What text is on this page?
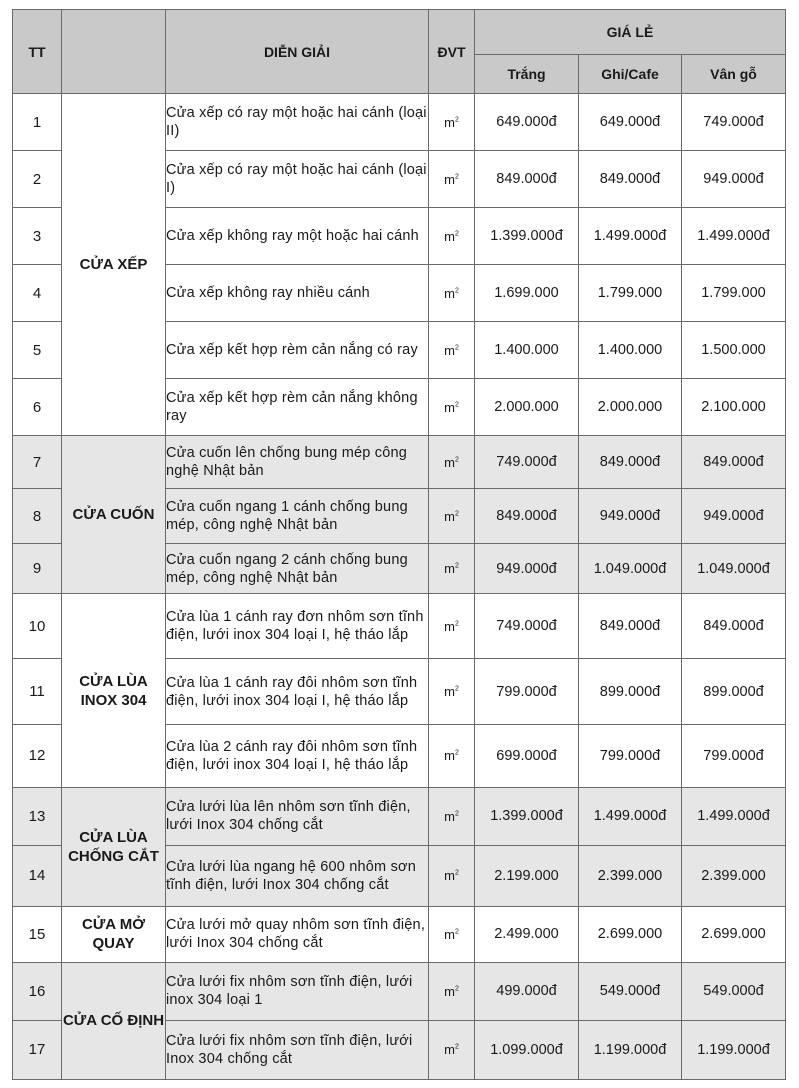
TT		DIỄN GIẢI	ĐVT	GIÁ LẺ		
				Trắng	Ghi/Cafe	Vân gỗ
1	CỬA XẾP	Cửa xếp có ray một hoặc hai cánh (loại II)	$m^2$	649.000đ	649.000đ	749.000đ
2		Cửa xếp có ray một hoặc hai cánh (loại I)	$m^2$	849.000đ	849.000đ	949.000đ
3		Cửa xếp không ray một hoặc hai cánh	$m^2$	1.399.000đ	1.499.000đ	1.499.000đ
4		Cửa xếp không ray nhiều cánh	$m^2$	1.699.000	1.799.000	1.799.000
5		Cửa xếp kết hợp rèm cản nắng có ray	$m^2$	1.400.000	1.400.000	1.500.000
6		Cửa xếp kết hợp rèm cản nắng không ray	$m^2$	2.000.000	2.000.000	2.100.000
7	CỬA CUỐN	Cửa cuốn lên chống bung mép công nghệ Nhật bản	$m^2$	749.000đ	849.000đ	849.000đ
8		Cửa cuốn ngang 1 cánh chống bung mép, công nghệ Nhật bản	$m^2$	849.000đ	949.000đ	949.000đ
9		Cửa cuốn ngang 2 cánh chống bung mép, công nghệ Nhật bản	$m^2$	949.000đ	1.049.000đ	1.049.000đ
10	CỬA LÙA INOX 304	Cửa lùa 1 cánh ray đơn nhôm sơn tĩnh điện, lưới inox 304 loại I, hệ tháo lắp	$m^2$	749.000đ	849.000đ	849.000đ
11		Cửa lùa 1 cánh ray đôi nhôm sơn tĩnh điện, lưới inox 304 loại I, hệ tháo lắp	$m^2$	799.000đ	899.000đ	899.000đ
12		Cửa lùa 2 cánh ray đôi nhôm sơn tĩnh điện, lưới inox 304 loại I, hệ tháo lắp	$m^2$	699.000đ	799.000đ	799.000đ
13	CỬA LÙA CHỐNG CẮT	Cửa lưới lùa lên nhôm sơn tĩnh điện, lưới Inox 304 chống cắt	$m^2$	1.399.000đ	1.499.000đ	1.499.000đ
14		Cửa lưới lùa ngang hệ 600 nhôm sơn tĩnh điện, lưới Inox 304 chống cắt	$m^2$	2.199.000	2.399.000	2.399.000
15	CỬA MỞ QUAY	Cửa lưới mở quay nhôm sơn tĩnh điện, lưới Inox 304 chống cắt	$m^2$	2.499.000	2.699.000	2.699.000
16	CỬA CỐ ĐỊNH	Cửa lưới fix nhôm sơn tĩnh điện, lưới inox 304 loại 1	$m^2$	499.000đ	549.000đ	549.000đ
17		Cửa lưới fix nhôm sơn tĩnh điện, lưới Inox 304 chống cắt	$m^2$	1.099.000đ	1.199.000đ	1.199.000đ
